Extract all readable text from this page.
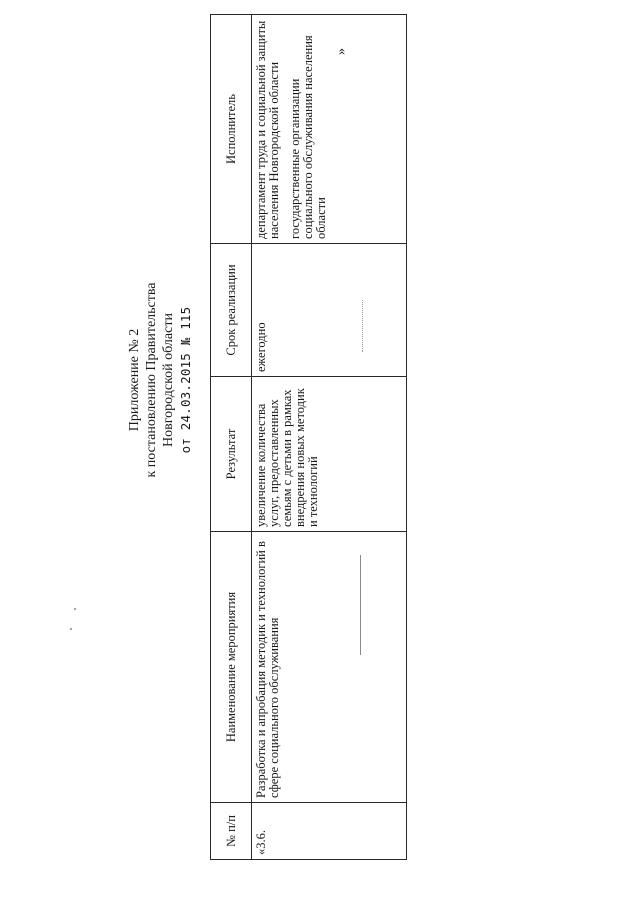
Приложение № 2 к постановлению Правительства Новгородской области от 24.03.2015 № 115
№ п/п	Наименование мероприятия	Результат	Срок реализации	Исполнитель
«3.6.	Разработка и апробация методик и технологий в сфере социального обслуживания	увеличение количества услуг, предоставленных семьям с детьми в рамках внедрения новых методик и технологий	ежегодно	департамент труда и социальной защиты населения Новгородской области государственные организации социального обслуживания населения области
»
